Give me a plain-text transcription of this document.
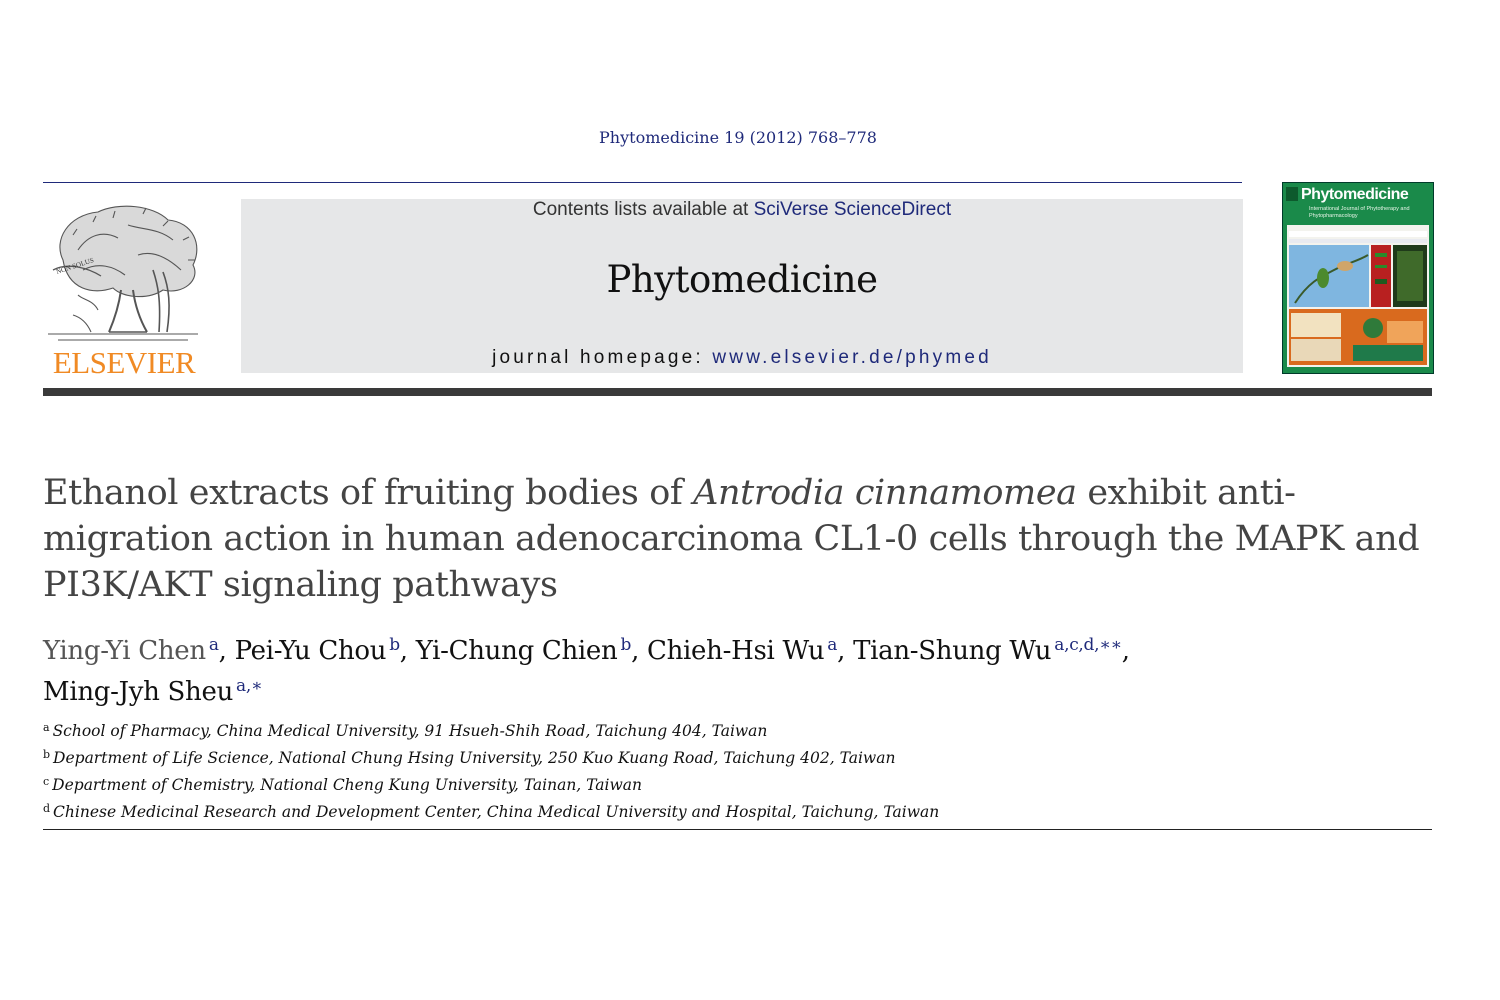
Phytomedicine 19 (2012) 768–778
NON SOLUS
ELSEVIER
Contents lists available at SciVerse ScienceDirect
Phytomedicine
journal homepage: www.elsevier.de/phymed
Phytomedicine
International Journal of Phytotherapy and Phytopharmacology
Ethanol extracts of fruiting bodies of Antrodia cinnamomea exhibit anti-migration action in human adenocarcinoma CL1-0 cells through the MAPK and PI3K/AKT signaling pathways
Ying-Yi Chen $^a$, Pei-Yu Chou $^b$, Yi-Chung Chien $^b$, Chieh-Hsi Wu $^a$, Tian-Shung Wu $^{a,c,d,∗∗}$,
Ming-Jyh Sheu $^{a,∗}$
$^a$ School of Pharmacy, China Medical University, 91 Hsueh-Shih Road, Taichung 404, Taiwan
$^b$ Department of Life Science, National Chung Hsing University, 250 Kuo Kuang Road, Taichung 402, Taiwan
$^c$ Department of Chemistry, National Cheng Kung University, Tainan, Taiwan
$^d$ Chinese Medicinal Research and Development Center, China Medical University and Hospital, Taichung, Taiwan
